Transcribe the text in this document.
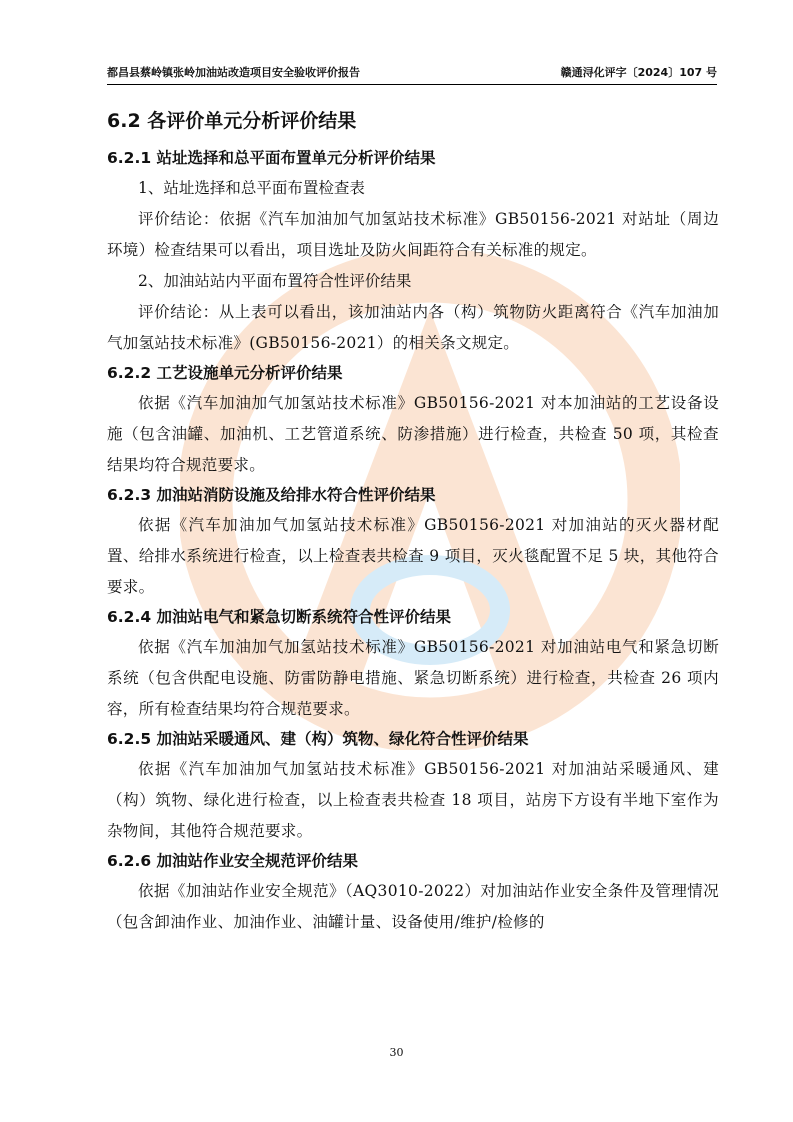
都昌县蔡岭镇张岭加油站改造项目安全验收评价报告	赣通浔化评字〔2024〕107 号
6.2 各评价单元分析评价结果
6.2.1 站址选择和总平面布置单元分析评价结果

1、站址选择和总平面布置检查表

评价结论：依据《汽车加油加气加氢站技术标准》GB50156-2021 对站址（周边环境）检查结果可以看出，项目选址及防火间距符合有关标准的规定。

2、加油站站内平面布置符合性评价结果

评价结论：从上表可以看出，该加油站内各（构）筑物防火距离符合《汽车加油加气加氢站技术标准》(GB50156-2021）的相关条文规定。

6.2.2 工艺设施单元分析评价结果

依据《汽车加油加气加氢站技术标准》GB50156-2021 对本加油站的工艺设备设施（包含油罐、加油机、工艺管道系统、防渗措施）进行检查，共检查 50 项，其检查结果均符合规范要求。

6.2.3 加油站消防设施及给排水符合性评价结果

依据《汽车加油加气加氢站技术标准》GB50156-2021 对加油站的灭火器材配置、给排水系统进行检查，以上检查表共检查 9 项目，灭火毯配置不足 5 块，其他符合要求。

6.2.4 加油站电气和紧急切断系统符合性评价结果

依据《汽车加油加气加氢站技术标准》GB50156-2021 对加油站电气和紧急切断系统（包含供配电设施、防雷防静电措施、紧急切断系统）进行检查，共检查 26 项内容，所有检查结果均符合规范要求。

6.2.5 加油站采暖通风、建（构）筑物、绿化符合性评价结果

依据《汽车加油加气加氢站技术标准》GB50156-2021 对加油站采暖通风、建（构）筑物、绿化进行检查，以上检查表共检查 18 项目，站房下方设有半地下室作为杂物间，其他符合规范要求。

6.2.6 加油站作业安全规范评价结果

依据《加油站作业安全规范》（AQ3010-2022）对加油站作业安全条件及管理情况（包含卸油作业、加油作业、油罐计量、设备使用/维护/检修的

30
